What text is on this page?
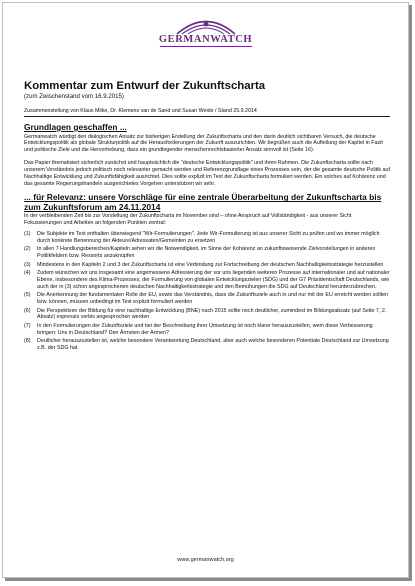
GERMANWATCH
Kommentar zum Entwurf der Zukunftscharta
(zum Zwischenstand vom 16.9.2015)
Zusammenstellung von Klaus Milke, Dr. Klemens van de Sand und Susan Weide / Stand 25.9.2014
Grundlagen geschaffen ...

Germanwatch würdigt den dialogischen Ansatz zur bisherigen Erstellung der Zukunftscharta und den darin deutlich sichtbaren Versuch, die deutsche Entwicklungspolitik als globale Strukturpolitik auf die Herausforderungen der Zukunft auszurichten. Wir begrüßen auch die Aufteilung der Kapitel in Fazit und politische Ziele und die Hervorhebung, dass ein grundlegender menschenrechtsbasierter Ansatz sinnvoll ist (Seite 16).

Das Papier thematisiert sicherlich zunächst und hauptsächlich die "deutsche Entwicklungspolitik" und ihren Rahmen. Die Zukunftscharta sollte nach unserem Verständnis jedoch politisch noch relevanter gemacht werden und Referenzgrundlage eines Prozesses sein, der die gesamte deutsche Politik auf Nachhaltige Entwicklung und Zukunftsfähigkeit ausrichtet. Dies sollte explizit im Text der Zukunftscharta formuliert werden. Ein solches auf Kohärenz und das gesamte Regierungshandeln ausgerichtetes Vorgehen unterstützen wir sehr.

... für Relevanz: unsere Vorschläge für eine zentrale Überarbeitung der Zukunftscharta bis zum Zukunftsforum am 24.11.2014

In der verbleibenden Zeit bis zur Vorstellung der Zukunftscharta im November sind – ohne Anspruch auf Vollständigkeit - aus unserer Sicht Fokussierungen und Arbeiten an folgenden Punkten zentral:

(1) Die Subjekte im Text enthalten überwiegend "Wir-Formulierungen". Jede Wir-Formulierung ist aus unserer Sicht zu prüfen und wo immer möglich durch konkrete Benennung der Akteure/Adressaten/Gemeinten zu ersetzen
(2) In allen 7 Handlungsbereichen/Kapiteln sehen wir die Notwendigkeit, im Sinne der Kohärenz an zukunftsweisende Zielvorstellungen in anderen Politikfeldern bzw. Ressorts anzuknüpfen
(3) Mindestens in den Kapiteln 2 und 3 der Zukunftscharta ist eine Verbindung zur Fortschreibung der deutschen Nachhaltigkeitsstrategie herzustellen
(4) Zudem wünschen wir uns insgesamt eine angemessene Adressierung der vor uns liegenden weiteren Prozesse auf internationaler und auf nationaler Ebene, insbesondere des Klima-Prozesses, der Formulierung von globalen Entwicklungszielen (SDG) und der G7 Präsidentschaft Deutschlands, wie auch der in (3) schon angesprochenen deutschen Nachhaltigkeitsstrategie und den Bemühungen die SDG auf Deutschland herunterzubrechen.
(5) Die Anerkennung der fundamentalen Rolle der EU, sowie das Verständnis, dass die Zukunftsziele auch in und nur mit der EU erreicht werden sollten bzw. können, müssen unbedingt im Text explizit formuliert werden
(6) Die Perspektiven der Bildung für eine nachhaltige Entwicklung (BNE) nach 2015 sollte noch deutlicher, zumindest im Bildungsabsatz (auf Seite 7, 2. Absatz) expressis verbis angesprochen werden
(7) In den Formulierungen der Zukunftsziele und bei der Beschreibung ihrer Umsetzung ist noch klarer herauszustellen, wem diese Verbesserung bringen: Uns in Deutschland? Den Ärmsten der Armen?
(8) Deutlicher herauszustellen ist, welche besondere Verantwortung Deutschland, aber auch welche besonderen Potentiale Deutschland zur Umsetzung z.B. der SDG hat.
www.germanwatch.org
